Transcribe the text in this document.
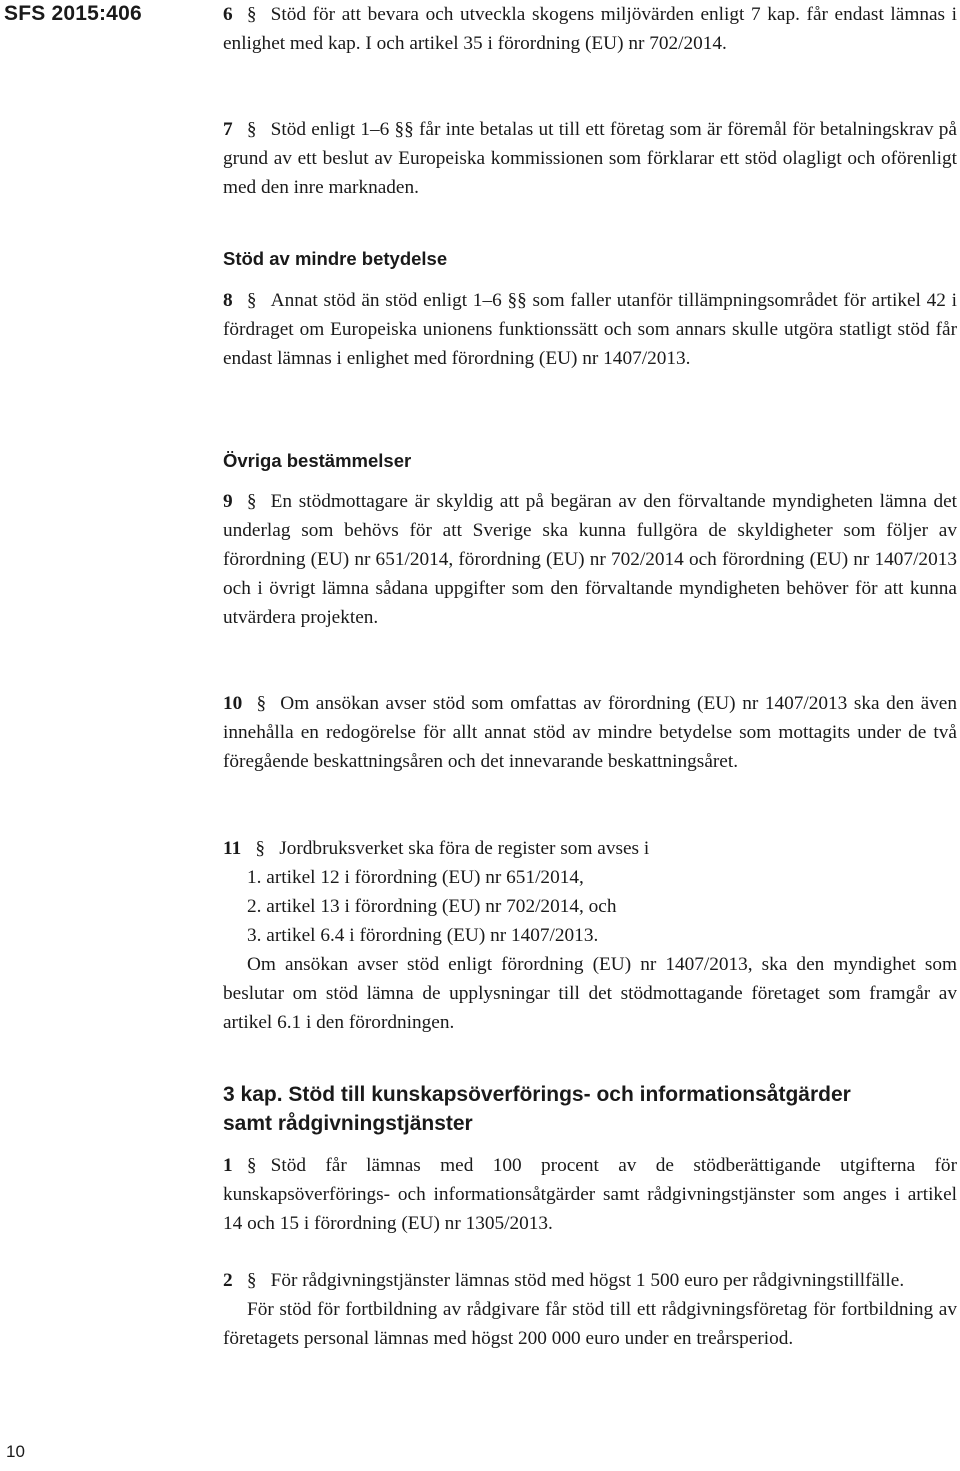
SFS 2015:406	6 § Stöd för att bevara och utveckla skogens miljövärden enligt 7 kap. får endast lämnas i enlighet med kap. I och artikel 35 i förordning (EU) nr 702/2014.

7 § Stöd enligt 1–6 §§ får inte betalas ut till ett företag som är föremål för betalningskrav på grund av ett beslut av Europeiska kommissionen som förklarar ett stöd olagligt och oförenligt med den inre marknaden.

Stöd av mindre betydelse

8 § Annat stöd än stöd enligt 1–6 §§ som faller utanför tillämpningsområdet för artikel 42 i fördraget om Europeiska unionens funktionssätt och som annars skulle utgöra statligt stöd får endast lämnas i enlighet med förordning (EU) nr 1407/2013.

Övriga bestämmelser

9 § En stödmottagare är skyldig att på begäran av den förvaltande myndigheten lämna det underlag som behövs för att Sverige ska kunna fullgöra de skyldigheter som följer av förordning (EU) nr 651/2014, förordning (EU) nr 702/2014 och förordning (EU) nr 1407/2013 och i övrigt lämna sådana uppgifter som den förvaltande myndigheten behöver för att kunna utvärdera projekten.

10 § Om ansökan avser stöd som omfattas av förordning (EU) nr 1407/2013 ska den även innehålla en redogörelse för allt annat stöd av mindre betydelse som mottagits under de två föregående beskattningsåren och det innevarande beskattningsåret.

11 § Jordbruksverket ska föra de register som avses i

1. artikel 12 i förordning (EU) nr 651/2014,
2. artikel 13 i förordning (EU) nr 702/2014, och
3. artikel 6.4 i förordning (EU) nr 1407/2013.

Om ansökan avser stöd enligt förordning (EU) nr 1407/2013, ska den myndighet som beslutar om stöd lämna de upplysningar till det stödmottagande företaget som framgår av artikel 6.1 i den förordningen.

3 kap. Stöd till kunskapsöverförings- och informationsåtgärder

samt rådgivningstjänster

1 § Stöd får lämnas med 100 procent av de stödberättigande utgifterna för kunskapsöverförings- och informationsåtgärder samt rådgivningstjänster som anges i artikel 14 och 15 i förordning (EU) nr 1305/2013.

2 § För rådgivningstjänster lämnas stöd med högst 1 500 euro per rådgivningstillfälle.

För stöd för fortbildning av rådgivare får stöd till ett rådgivningsföretag för fortbildning av företagets personal lämnas med högst 200 000 euro under en treårsperiod.

10
